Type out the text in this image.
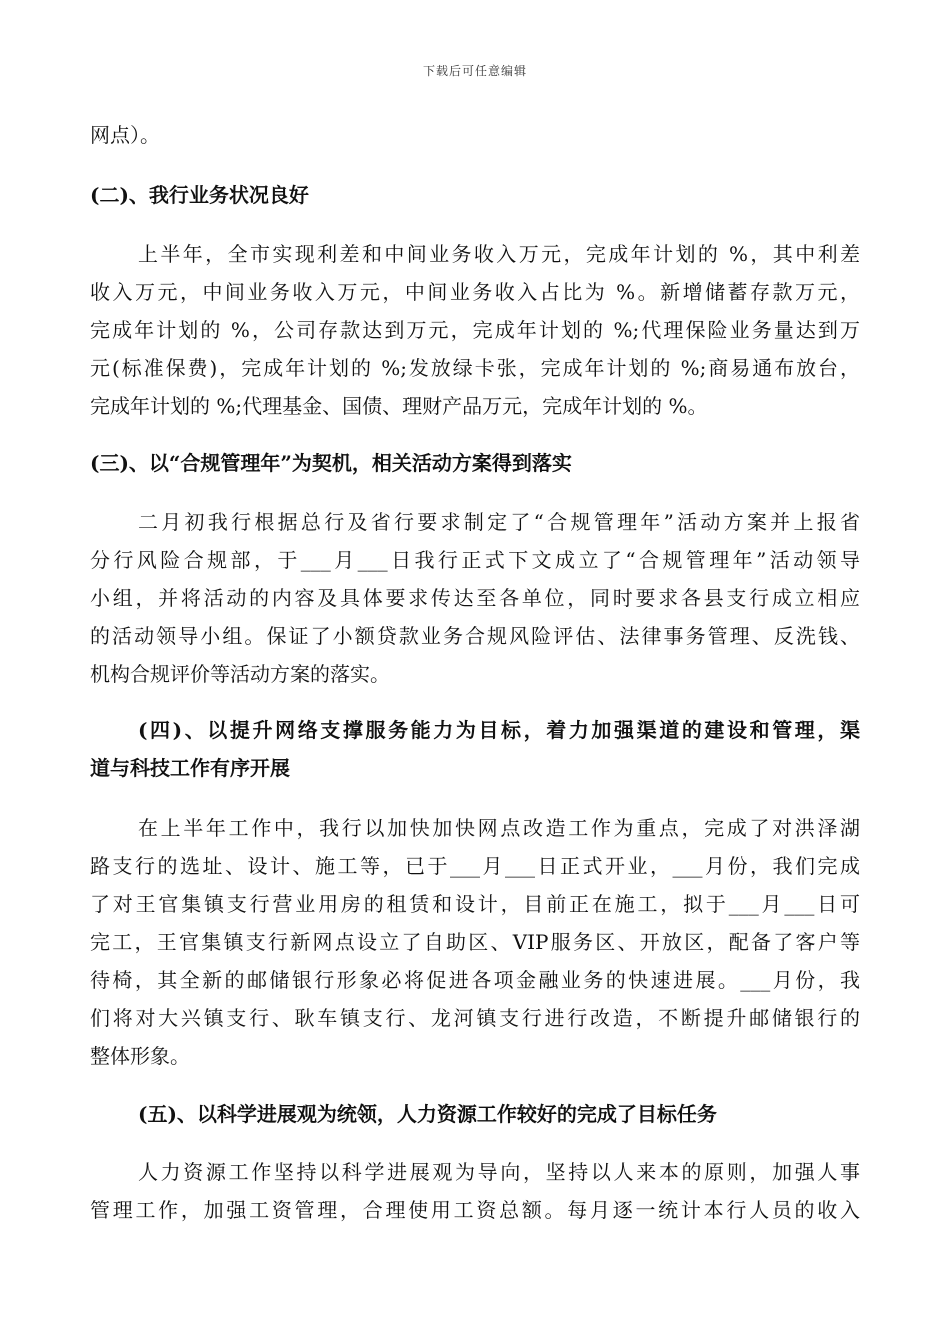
下载后可任意编辑
网点）。
(二)、我行业务状况良好
上半年，全市实现利差和中间业务收入万元，完成年计划的 %，其中利差
收入万元，中间业务收入万元，中间业务收入占比为 %。新增储蓄存款万元，
完成年计划的 %，公司存款达到万元，完成年计划的 %;代理保险业务量达到万
元(标准保费)，完成年计划的 %;发放绿卡张，完成年计划的 %;商易通布放台，
完成年计划的 %;代理基金、国债、理财产品万元，完成年计划的 %。
(三)、以“合规管理年”为契机，相关活动方案得到落实
二月初我行根据总行及省行要求制定了“合规管理年”活动方案并上报省
分行风险合规部，于___月___日我行正式下文成立了“合规管理年”活动领导
小组，并将活动的内容及具体要求传达至各单位，同时要求各县支行成立相应
的活动领导小组。保证了小额贷款业务合规风险评估、法律事务管理、反洗钱、
机构合规评价等活动方案的落实。
(四)、以提升网络支撑服务能力为目标，着力加强渠道的建设和管理，渠
道与科技工作有序开展
在上半年工作中，我行以加快加快网点改造工作为重点，完成了对洪泽湖
路支行的选址、设计、施工等，已于___月___日正式开业，___月份，我们完成
了对王官集镇支行营业用房的租赁和设计，目前正在施工，拟于___月___日可
完工，王官集镇支行新网点设立了自助区、VIP服务区、开放区，配备了客户等
待椅，其全新的邮储银行形象必将促进各项金融业务的快速进展。___月份，我
们将对大兴镇支行、耿车镇支行、龙河镇支行进行改造，不断提升邮储银行的
整体形象。
(五)、以科学进展观为统领，人力资源工作较好的完成了目标任务
人力资源工作坚持以科学进展观为导向，坚持以人来本的原则，加强人事
管理工作，加强工资管理，合理使用工资总额。每月逐一统计本行人员的收入
